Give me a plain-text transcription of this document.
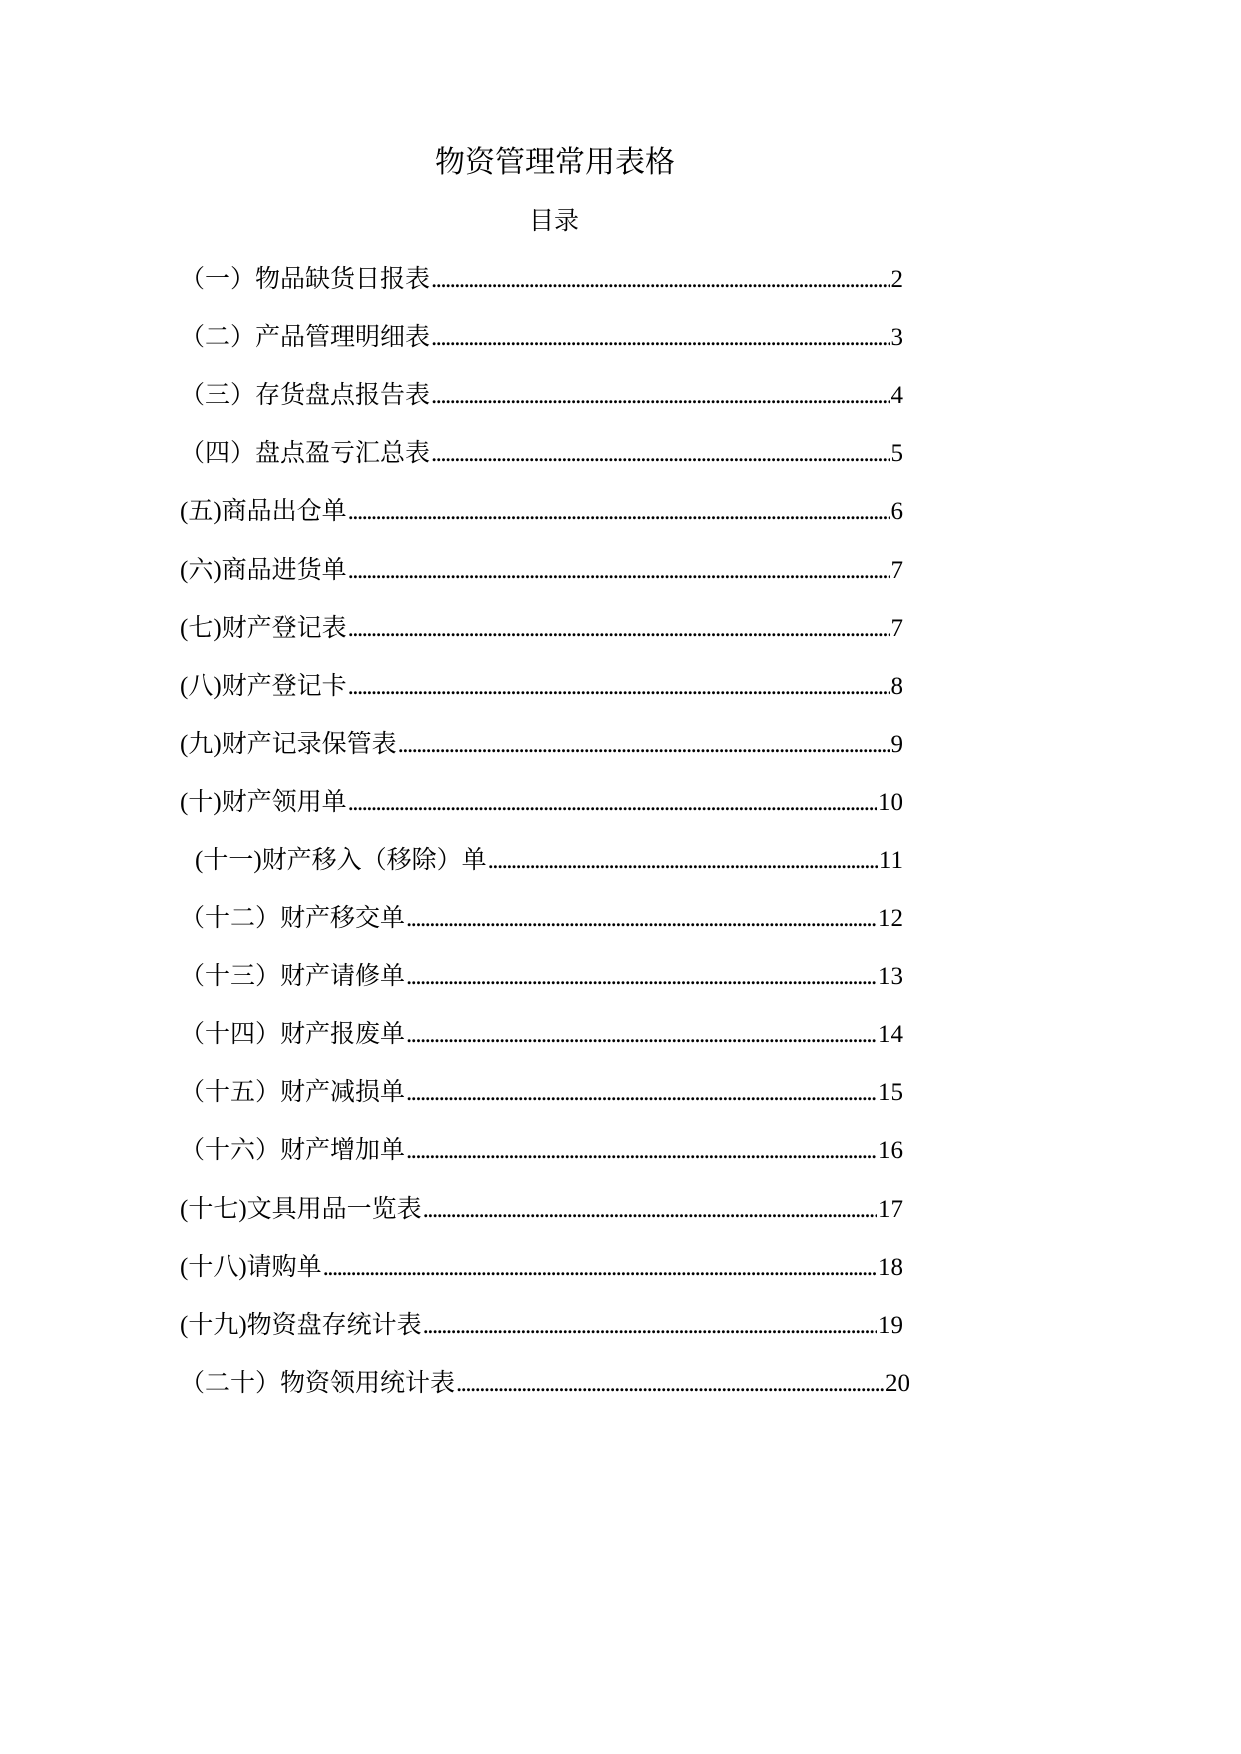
物资管理常用表格
目录
（一）物品缺货日报表 .....	2
（二）产品管理明细表 .....	3
（三）存货盘点报告表 .....	4
（四）盘点盈亏汇总表 .....	5
(五)商品出仓单 .....	6
(六)商品进货单 .....	7
(七)财产登记表 .....	7
(八)财产登记卡 .....	8
(九)财产记录保管表 .....	9
(十)财产领用单 .....	10
(十一)财产移入（移除）单 .....	11
（十二）财产移交单 .....	12
（十三）财产请修单 .....	13
（十四）财产报废单 .....	14
（十五）财产减损单 .....	15
（十六）财产增加单 .....	16
(十七)文具用品一览表 .....	17
(十八)请购单 .....	18
(十九)物资盘存统计表 .....	19
（二十）物资领用统计表 .....	20
